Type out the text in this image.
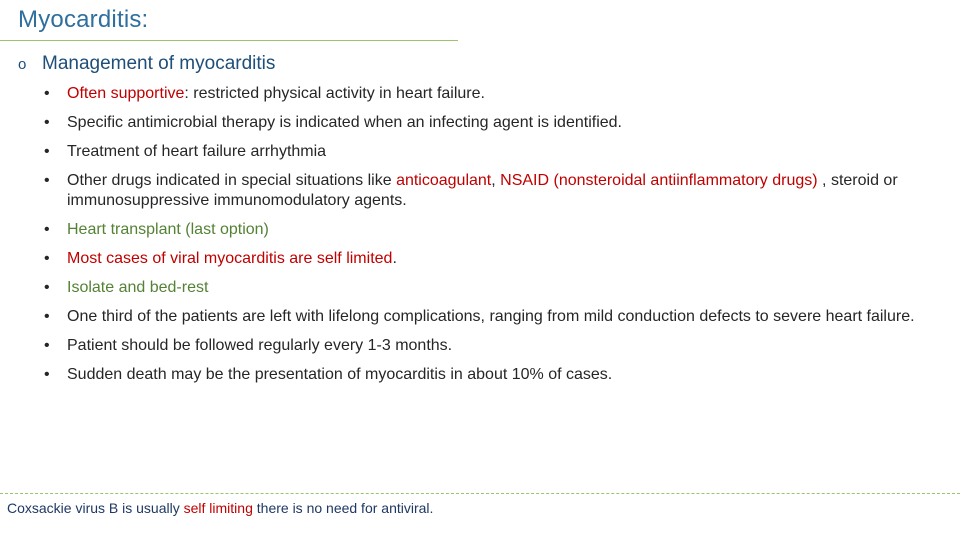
Myocarditis:
o Management of myocarditis
• Often supportive: restricted physical activity in heart failure.
• Specific antimicrobial therapy is indicated when an infecting agent is identified.
• Treatment of heart failure arrhythmia
• Other drugs indicated in special situations like anticoagulant, NSAID (nonsteroidal antiinflammatory drugs) , steroid or immunosuppressive immunomodulatory agents.
• Heart transplant (last option)
• Most cases of viral myocarditis are self limited.
• Isolate and bed-rest
• One third of the patients are left with lifelong complications, ranging from mild conduction defects to severe heart failure.
• Patient should be followed regularly every 1-3 months.
• Sudden death may be the presentation of myocarditis in about 10% of cases.
Coxsackie virus B is usually self limiting there is no need for antiviral.
